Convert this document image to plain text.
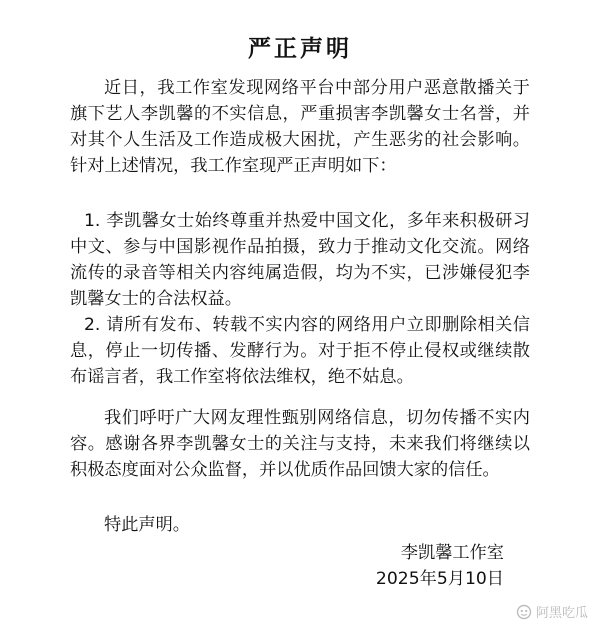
严正声明

近日，我工作室发现网络平台中部分用户恶意散播关于旗下艺人李凯馨的不实信息，严重损害李凯馨女士名誉，并对其个人生活及工作造成极大困扰，产生恶劣的社会影响。针对上述情况，我工作室现严正声明如下：

1. 李凯馨女士始终尊重并热爱中国文化，多年来积极研习中文、参与中国影视作品拍摄，致力于推动文化交流。网络流传的录音等相关内容纯属造假，均为不实，已涉嫌侵犯李凯馨女士的合法权益。

2. 请所有发布、转载不实内容的网络用户立即删除相关信息，停止一切传播、发酵行为。对于拒不停止侵权或继续散布谣言者，我工作室将依法维权，绝不姑息。

我们呼吁广大网友理性甄别网络信息，切勿传播不实内容。感谢各界李凯馨女士的关注与支持，未来我们将继续以积极态度面对公众监督，并以优质作品回馈大家的信任。

特此声明。

李凯馨工作室
2025年5月10日
阿黑吃瓜
